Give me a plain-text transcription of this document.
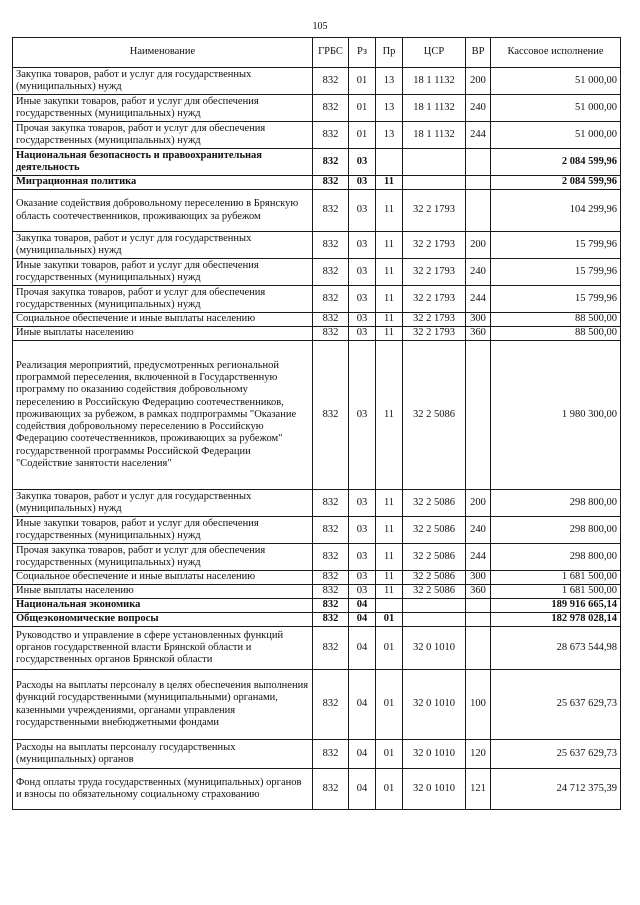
105
Наименование	ГРБС	Рз	Пр	ЦСР	ВР	Кассовое исполнение
Закупка товаров, работ и услуг для государственных (муниципальных) нужд	832	01	13	18 1 1132	200	51 000,00
Иные закупки товаров, работ и услуг для обеспечения государственных (муниципальных) нужд	832	01	13	18 1 1132	240	51 000,00
Прочая закупка товаров, работ и услуг для обеспечения государственных (муниципальных) нужд	832	01	13	18 1 1132	244	51 000,00
Национальная безопасность и правоохранительная деятельность	832	03				2 084 599,96
Миграционная политика	832	03	11			2 084 599,96
Оказание содействия добровольному переселению в Брянскую область соотечественников, проживающих за рубежом	832	03	11	32 2 1793		104 299,96
Закупка товаров, работ и услуг для государственных (муниципальных) нужд	832	03	11	32 2 1793	200	15 799,96
Иные закупки товаров, работ и услуг для обеспечения государственных (муниципальных) нужд	832	03	11	32 2 1793	240	15 799,96
Прочая закупка товаров, работ и услуг для обеспечения государственных (муниципальных) нужд	832	03	11	32 2 1793	244	15 799,96
Социальное обеспечение и иные выплаты населению	832	03	11	32 2 1793	300	88 500,00
Иные выплаты населению	832	03	11	32 2 1793	360	88 500,00
Реализация мероприятий, предусмотренных региональной программой переселения, включенной в Государственную программу по оказанию содействия добровольному переселению в Российскую Федерацию соотечественников, проживающих за рубежом, в рамках подпрограммы "Оказание содействия добровольному переселению в Российскую Федерацию соотечественников, проживающих за рубежом" государственной программы Российской Федерации "Содействие занятости населения"	832	03	11	32 2 5086		1 980 300,00
Закупка товаров, работ и услуг для государственных (муниципальных) нужд	832	03	11	32 2 5086	200	298 800,00
Иные закупки товаров, работ и услуг для обеспечения государственных (муниципальных) нужд	832	03	11	32 2 5086	240	298 800,00
Прочая закупка товаров, работ и услуг для обеспечения государственных (муниципальных) нужд	832	03	11	32 2 5086	244	298 800,00
Социальное обеспечение и иные выплаты населению	832	03	11	32 2 5086	300	1 681 500,00
Иные выплаты населению	832	03	11	32 2 5086	360	1 681 500,00
Национальная экономика	832	04				189 916 665,14
Общеэкономические вопросы	832	04	01			182 978 028,14
Руководство и управление в сфере установленных функций органов государственной власти Брянской области и государственных органов Брянской области	832	04	01	32 0 1010		28 673 544,98
Расходы на выплаты персоналу в целях обеспечения выполнения функций государственными (муниципальными) органами, казенными учреждениями, органами управления государственными внебюджетными фондами	832	04	01	32 0 1010	100	25 637 629,73
Расходы на выплаты персоналу государственных (муниципальных) органов	832	04	01	32 0 1010	120	25 637 629,73
Фонд оплаты труда государственных (муниципальных) органов и взносы по обязательному социальному страхованию	832	04	01	32 0 1010	121	24 712 375,39
